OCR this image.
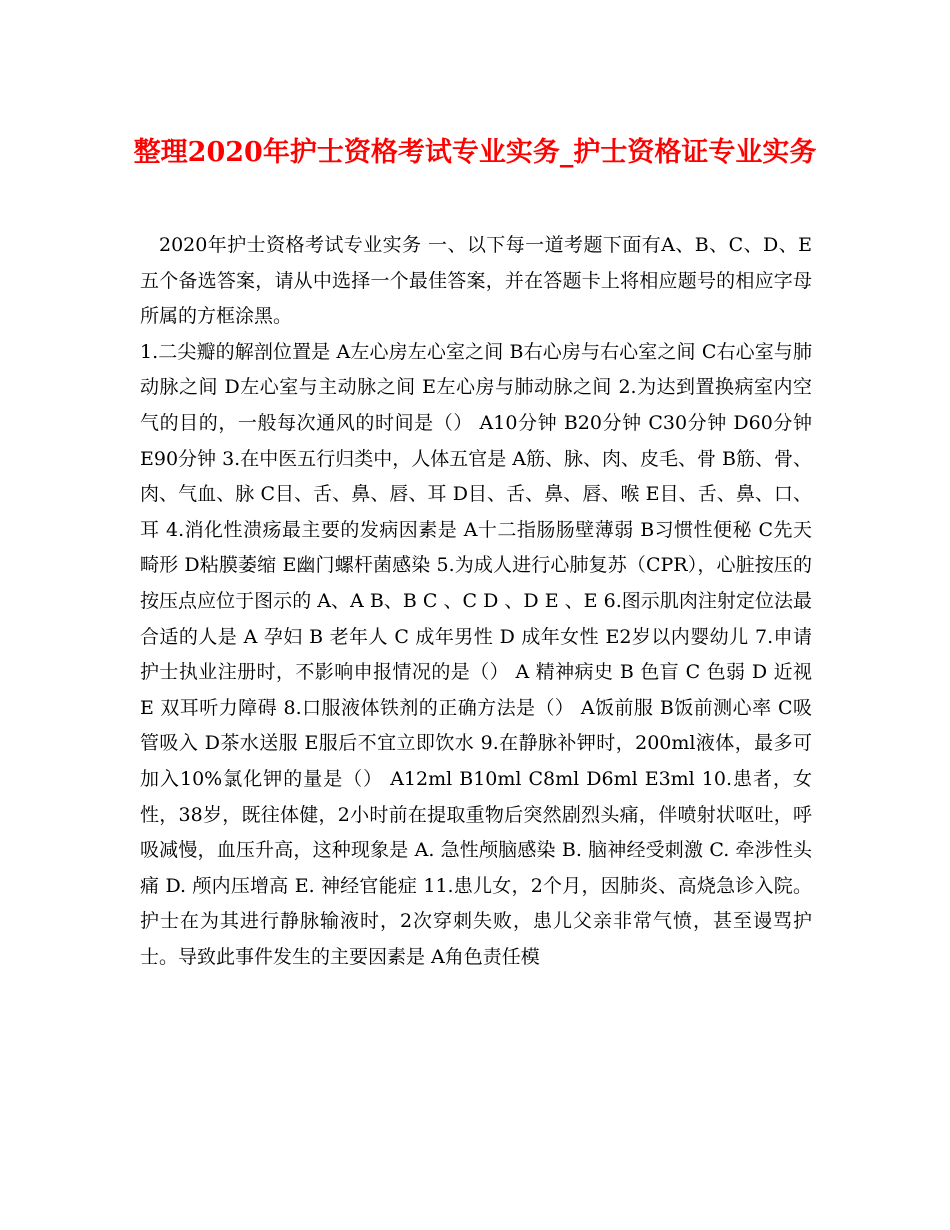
整理2020年护士资格考试专业实务_护士资格证专业实务

2020年护士资格考试专业实务 一、以下每一道考题下面有A、B、C、D、E五个备选答案，请从中选择一个最佳答案，并在答题卡上将相应题号的相应字母所属的方框涂黑。

1.二尖瓣的解剖位置是 A左心房左心室之间 B右心房与右心室之间 C右心室与肺动脉之间 D左心室与主动脉之间 E左心房与肺动脉之间 2.为达到置换病室内空气的目的，一般每次通风的时间是（） A10分钟 B20分钟 C30分钟 D60分钟 E90分钟 3.在中医五行归类中，人体五官是 A筋、脉、肉、皮毛、骨 B筋、骨、肉、气血、脉 C目、舌、鼻、唇、耳 D目、舌、鼻、唇、喉 E目、舌、鼻、口、耳 4.消化性溃疡最主要的发病因素是 A十二指肠肠壁薄弱 B习惯性便秘 C先天畸形 D粘膜萎缩 E幽门螺杆菌感染 5.为成人进行心肺复苏（CPR），心脏按压的按压点应位于图示的 A、A B、B C 、C D 、D E 、E 6.图示肌肉注射定位法最合适的人是 A 孕妇 B 老年人 C 成年男性 D 成年女性 E2岁以内婴幼儿 7.申请护士执业注册时，不影响申报情况的是（） A 精神病史 B 色盲 C 色弱 D 近视 E 双耳听力障碍 8.口服液体铁剂的正确方法是（） A饭前服 B饭前测心率 C吸管吸入 D茶水送服 E服后不宜立即饮水 9.在静脉补钾时，200ml液体，最多可加入10%氯化钾的量是（） A12ml B10ml C8ml D6ml E3ml 10.患者，女性，38岁，既往体健，2小时前在提取重物后突然剧烈头痛，伴喷射状呕吐，呼吸减慢，血压升高，这种现象是 A. 急性颅脑感染 B. 脑神经受刺激 C. 牵涉性头痛 D. 颅内压增高 E. 神经官能症 11.患儿女，2个月，因肺炎、高烧急诊入院。护士在为其进行静脉输液时，2次穿刺失败，患儿父亲非常气愤，甚至谩骂护士。导致此事件发生的主要因素是 A角色责任模
